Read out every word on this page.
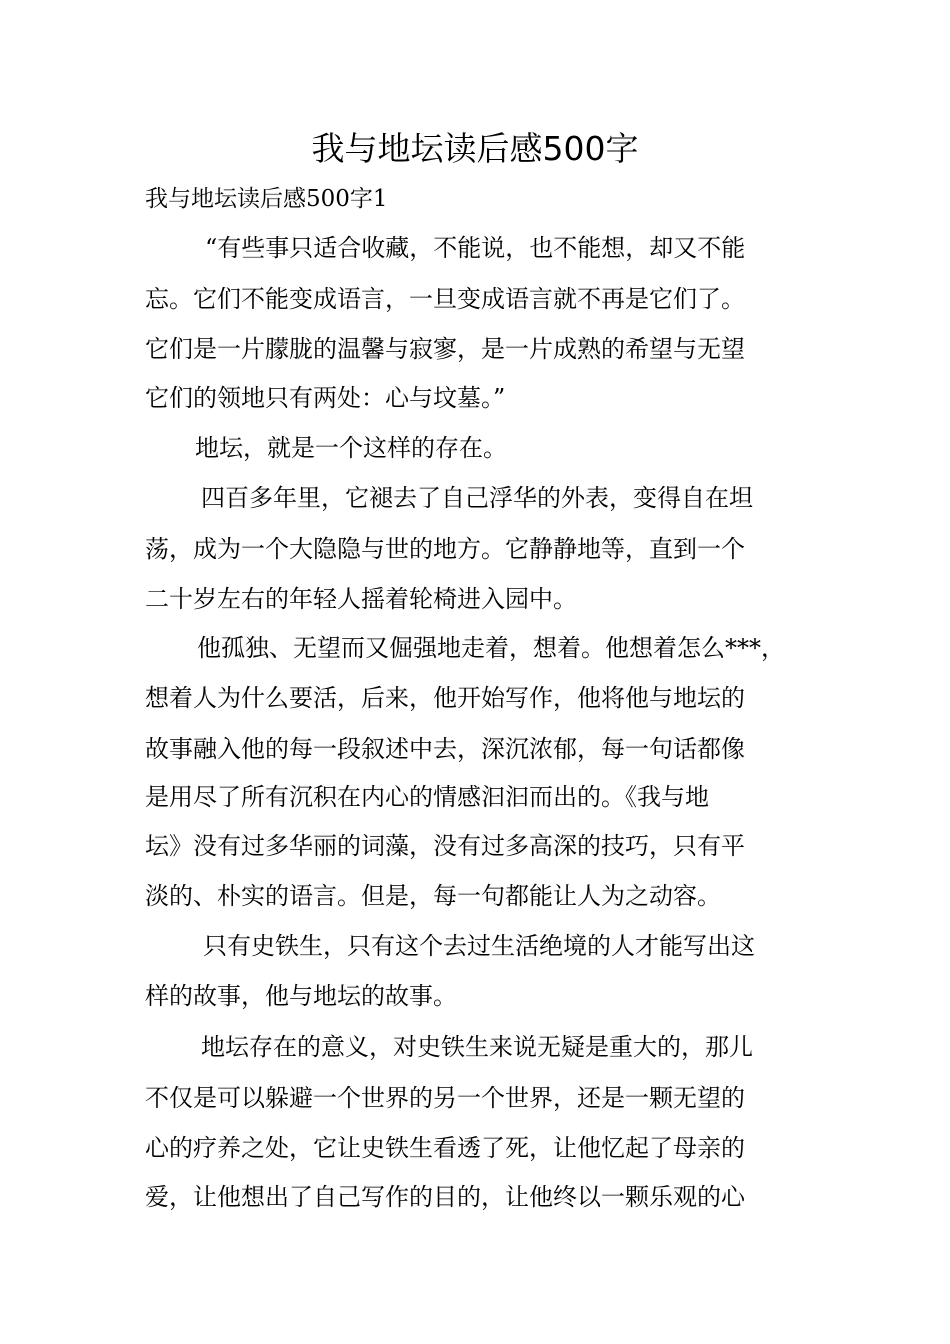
我与地坛读后感500字
我与地坛读后感500字1
“有些事只适合收藏，不能说，也不能想，却又不能
忘。它们不能变成语言，一旦变成语言就不再是它们了。
它们是一片朦胧的温馨与寂寥，是一片成熟的希望与无望
它们的领地只有两处：心与坟墓。”
地坛，就是一个这样的存在。
四百多年里，它褪去了自己浮华的外表，变得自在坦
荡，成为一个大隐隐与世的地方。它静静地等，直到一个
二十岁左右的年轻人摇着轮椅进入园中。
他孤独、无望而又倔强地走着，想着。他想着怎么***，
想着人为什么要活，后来，他开始写作，他将他与地坛的
故事融入他的每一段叙述中去，深沉浓郁，每一句话都像
是用尽了所有沉积在内心的情感汩汩而出的。《我与地
坛》没有过多华丽的词藻，没有过多高深的技巧，只有平
淡的、朴实的语言。但是，每一句都能让人为之动容。
只有史铁生，只有这个去过生活绝境的人才能写出这
样的故事，他与地坛的故事。
地坛存在的意义，对史铁生来说无疑是重大的，那儿
不仅是可以躲避一个世界的另一个世界，还是一颗无望的
心的疗养之处，它让史铁生看透了死，让他忆起了母亲的
爱，让他想出了自己写作的目的，让他终以一颗乐观的心
